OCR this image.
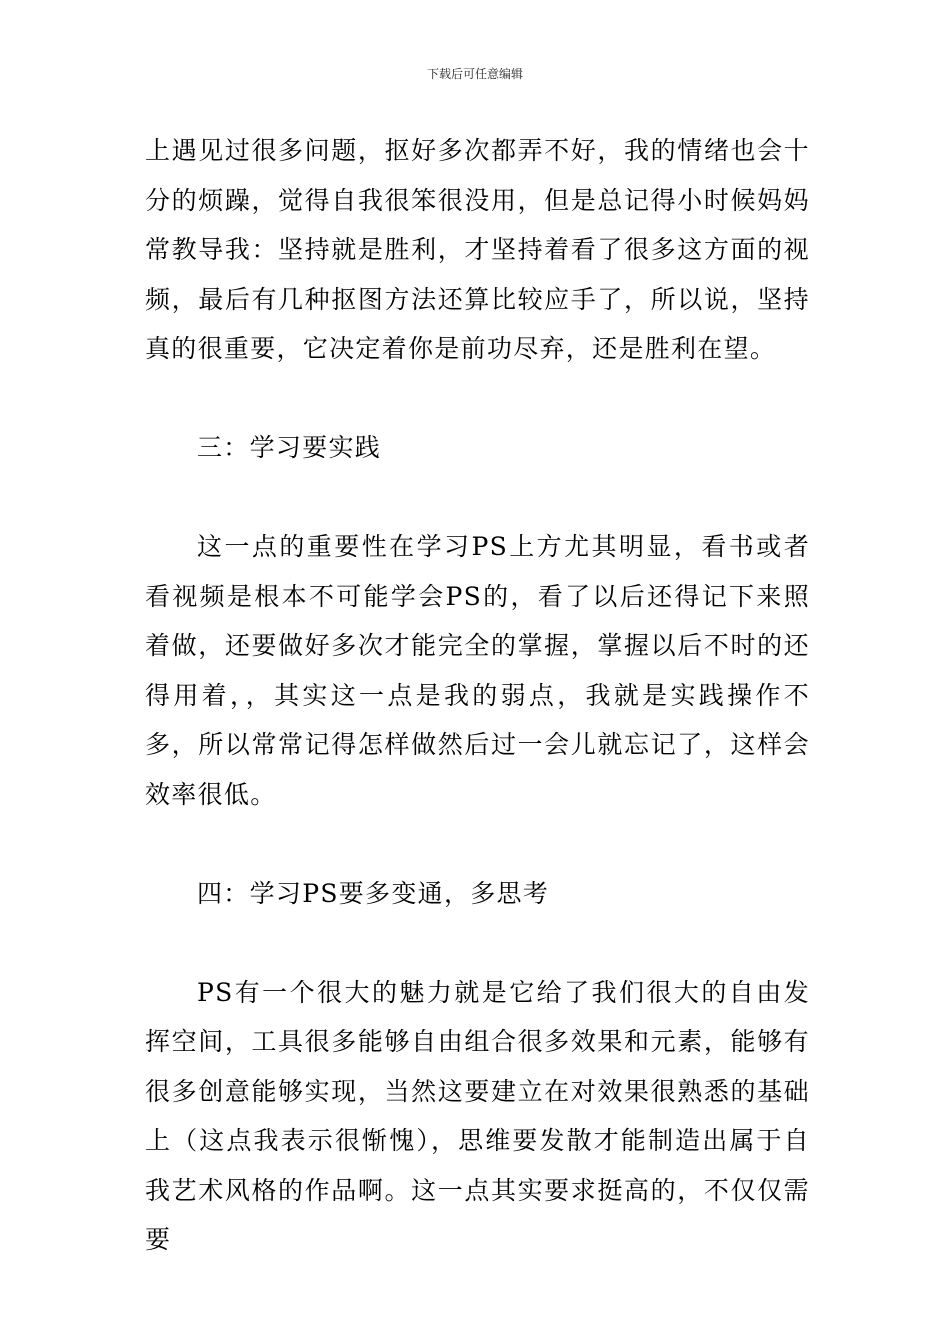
下载后可任意编辑

上遇见过很多问题，抠好多次都弄不好，我的情绪也会十分的烦躁，觉得自我很笨很没用，但是总记得小时候妈妈常教导我：坚持就是胜利，才坚持着看了很多这方面的视频，最后有几种抠图方法还算比较应手了，所以说，坚持真的很重要，它决定着你是前功尽弃，还是胜利在望。

三：学习要实践

这一点的重要性在学习PS上方尤其明显，看书或者看视频是根本不可能学会PS的，看了以后还得记下来照着做，还要做好多次才能完全的掌握，掌握以后不时的还得用着，，其实这一点是我的弱点，我就是实践操作不多，所以常常记得怎样做然后过一会儿就忘记了，这样会效率很低。

四：学习PS要多变通，多思考

PS有一个很大的魅力就是它给了我们很大的自由发挥空间，工具很多能够自由组合很多效果和元素，能够有很多创意能够实现，当然这要建立在对效果很熟悉的基础上（这点我表示很惭愧），思维要发散才能制造出属于自我艺术风格的作品啊。这一点其实要求挺高的，不仅仅需要
